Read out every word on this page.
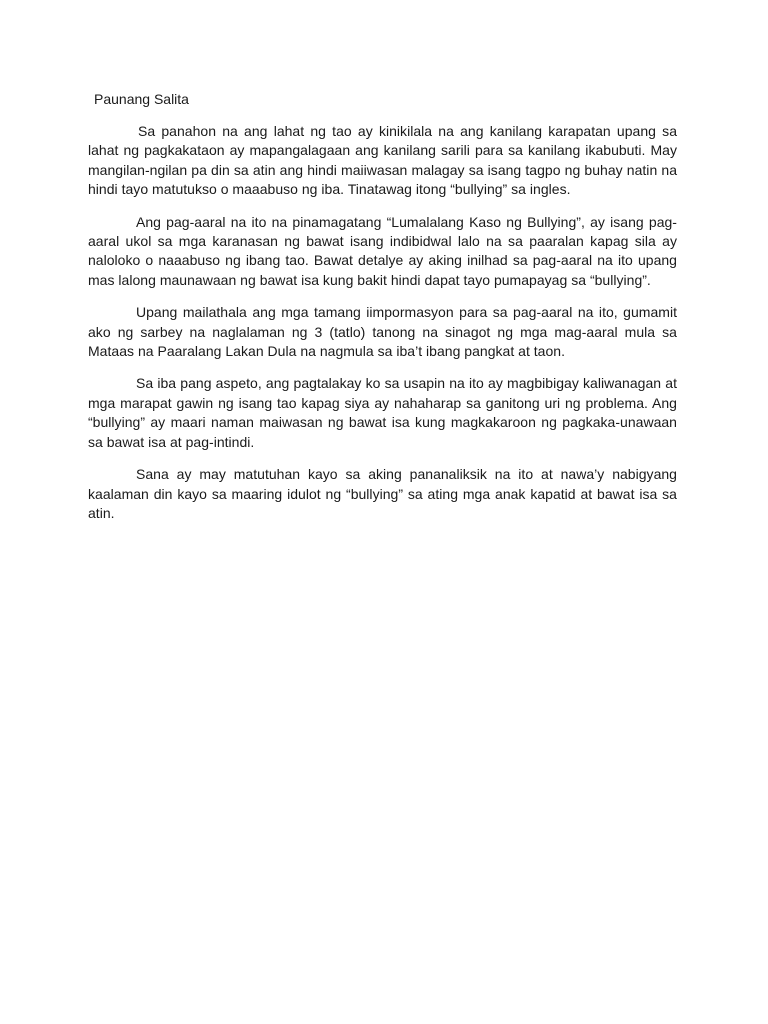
Paunang Salita

Sa panahon na ang lahat ng tao ay kinikilala na ang kanilang karapatan upang sa lahat ng pagkakataon ay mapangalagaan ang kanilang sarili para sa kanilang ikabubuti. May mangilan-ngilan pa din sa atin ang hindi maiiwasan malagay sa isang tagpo ng buhay natin na hindi tayo matutukso o maaabuso ng iba. Tinatawag itong “bullying” sa ingles.

Ang pag-aaral na ito na pinamagatang “Lumalalang Kaso ng Bullying”, ay isang pag-aaral ukol sa mga karanasan ng bawat isang indibidwal lalo na sa paaralan kapag sila ay naloloko o naaabuso ng ibang tao. Bawat detalye ay aking inilhad sa pag-aaral na ito upang mas lalong maunawaan ng bawat isa kung bakit hindi dapat tayo pumapayag sa “bullying”.

Upang mailathala ang mga tamang iimpormasyon para sa pag-aaral na ito, gumamit ako ng sarbey na naglalaman ng 3 (tatlo) tanong na sinagot ng mga mag-aaral mula sa Mataas na Paaralang Lakan Dula na nagmula sa iba’t ibang pangkat at taon.

Sa iba pang aspeto, ang pagtalakay ko sa usapin na ito ay magbibigay kaliwanagan at mga marapat gawin ng isang tao kapag siya ay nahaharap sa ganitong uri ng problema. Ang “bullying” ay maari naman maiwasan ng bawat isa kung magkakaroon ng pagkaka-unawaan sa bawat isa at pag-intindi.

Sana ay may matutuhan kayo sa aking pananaliksik na ito at nawa’y nabigyang kaalaman din kayo sa maaring idulot ng “bullying” sa ating mga anak kapatid at bawat isa sa atin.
